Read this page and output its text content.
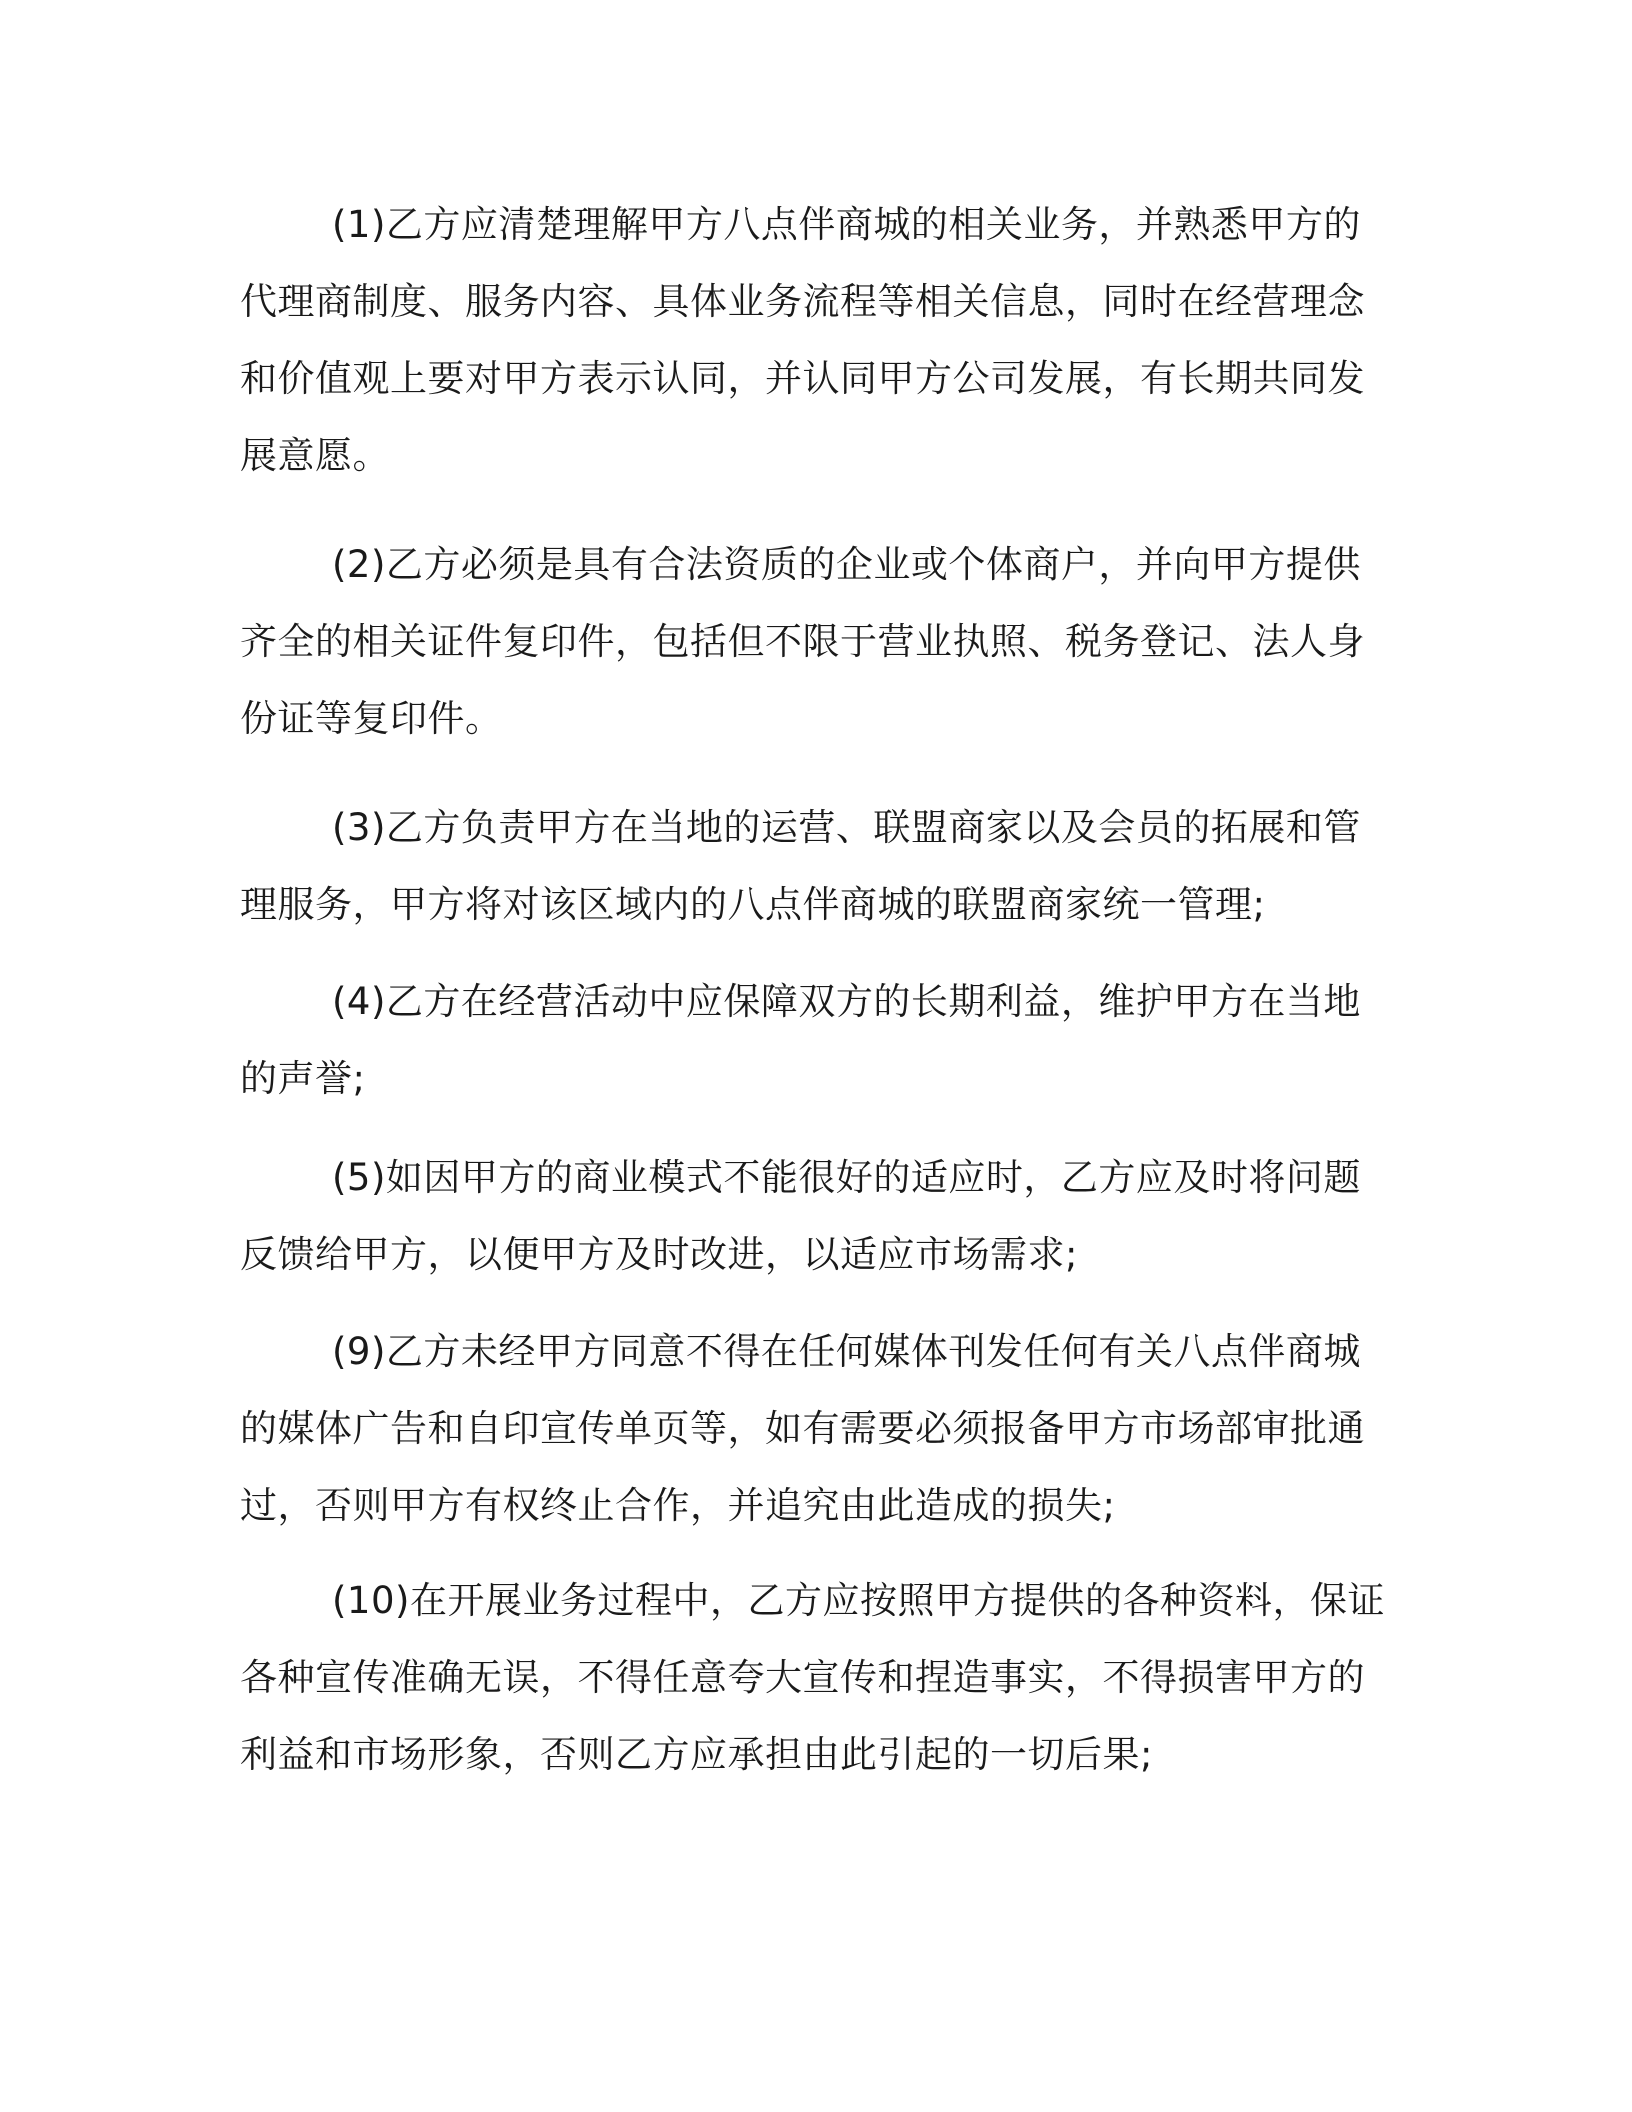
(1)乙方应清楚理解甲方八点伴商城的相关业务，并熟悉甲方的代理商制度、服务内容、具体业务流程等相关信息，同时在经营理念和价值观上要对甲方表示认同，并认同甲方公司发展，有长期共同发展意愿。

(2)乙方必须是具有合法资质的企业或个体商户，并向甲方提供齐全的相关证件复印件，包括但不限于营业执照、税务登记、法人身份证等复印件。

(3)乙方负责甲方在当地的运营、联盟商家以及会员的拓展和管理服务，甲方将对该区域内的八点伴商城的联盟商家统一管理;

(4)乙方在经营活动中应保障双方的长期利益，维护甲方在当地的声誉;

(5)如因甲方的商业模式不能很好的适应时，乙方应及时将问题反馈给甲方，以便甲方及时改进，以适应市场需求;

(9)乙方未经甲方同意不得在任何媒体刊发任何有关八点伴商城的媒体广告和自印宣传单页等，如有需要必须报备甲方市场部审批通过，否则甲方有权终止合作，并追究由此造成的损失;

(10)在开展业务过程中，乙方应按照甲方提供的各种资料，保证各种宣传准确无误，不得任意夸大宣传和捏造事实，不得损害甲方的利益和市场形象，否则乙方应承担由此引起的一切后果;
